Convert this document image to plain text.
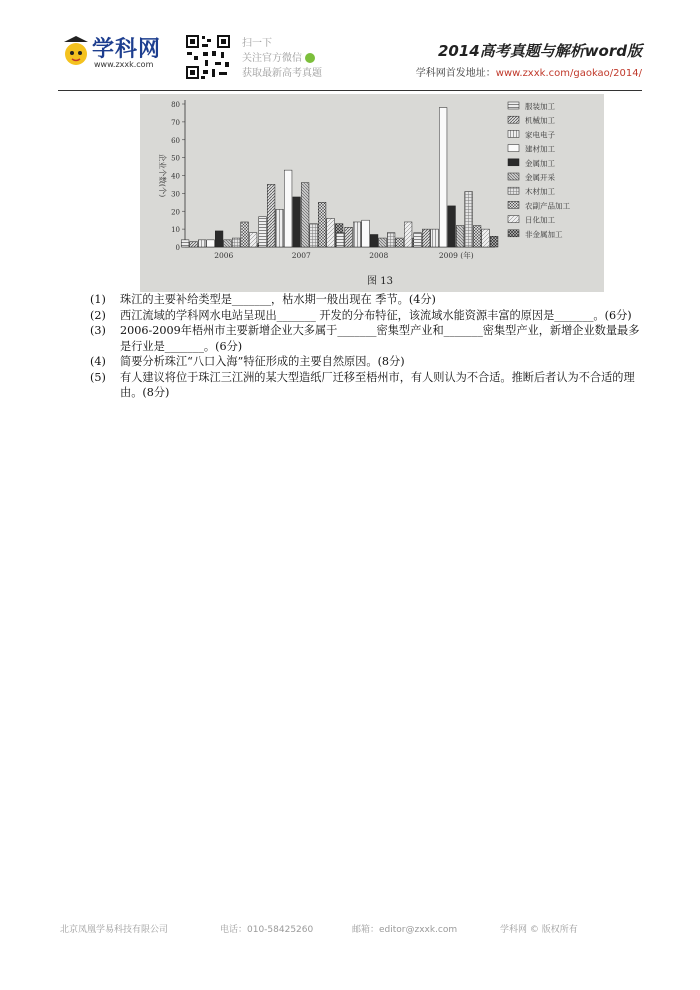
学科网
www.zxxk.com
扫一下
关注官方微信
获取最新高考真题
2014高考真题与解析word版
学科网首发地址：www.zxxk.com/gaokao/2014/
0
10
20
30
40
50
60
70
80
企业个数(个)
2006	2007	2008	2009 (年)
服装加工
机械加工
家电电子
建材加工
金属加工
金属开采
木材加工
农副产品加工
日化加工
非金属加工
图 13

(1) 珠江的主要补给类型是_______，枯水期一般出现在 季节。(4分)

(2) 西江流域的学科网水电站呈现出_______ 开发的分布特征，该流域水能资源丰富的原因是_______。(6分)

(3) 2006-2009年梧州市主要新增企业大多属于_______密集型产业和_______密集型产业，新增企业数量最多是行业是_______。(6分)

(4) 简要分析珠江“八口入海”特征形成的主要自然原因。(8分)

(5) 有人建议将位于珠江三江洲的某大型造纸厂迁移至梧州市，有人则认为不合适。推断后者认为不合适的理由。(8分)

北京凤凰学易科技有限公司	电话：010-58425260	邮箱：editor@zxxk.com	学科网 © 版权所有
